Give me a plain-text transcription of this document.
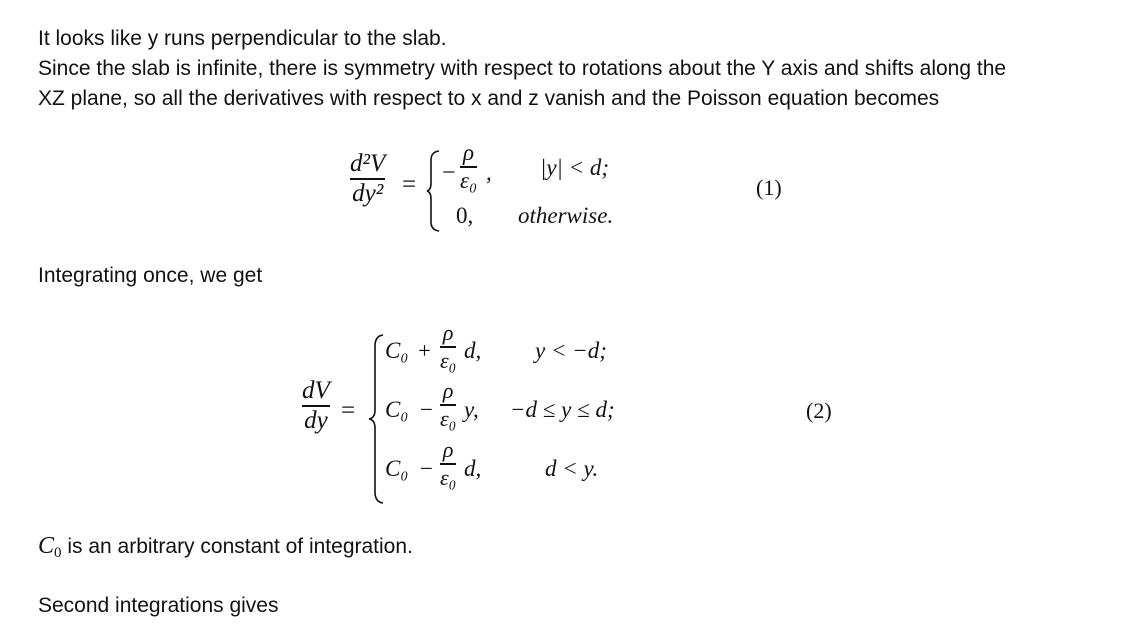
It looks like y runs perpendicular to the slab.
Since the slab is infinite, there is symmetry with respect to rotations about the Y axis and shifts along the
XZ plane, so all the derivatives with respect to x and z vanish and the Poisson equation becomes
d²V
dy² = −
ρ
ε₀ , |y| < d;
0, otherwise.
(1)
Integrating once, we get
dV
dy =
C₀ +
ρ
ε₀ d, y < −d;
C₀ −
ρ
ε₀ y, −d ≤ y ≤ d;
C₀ −
ρ
ε₀ d,	d < y.
(2)
C0 is an arbitrary constant of integration.
Second integrations gives
